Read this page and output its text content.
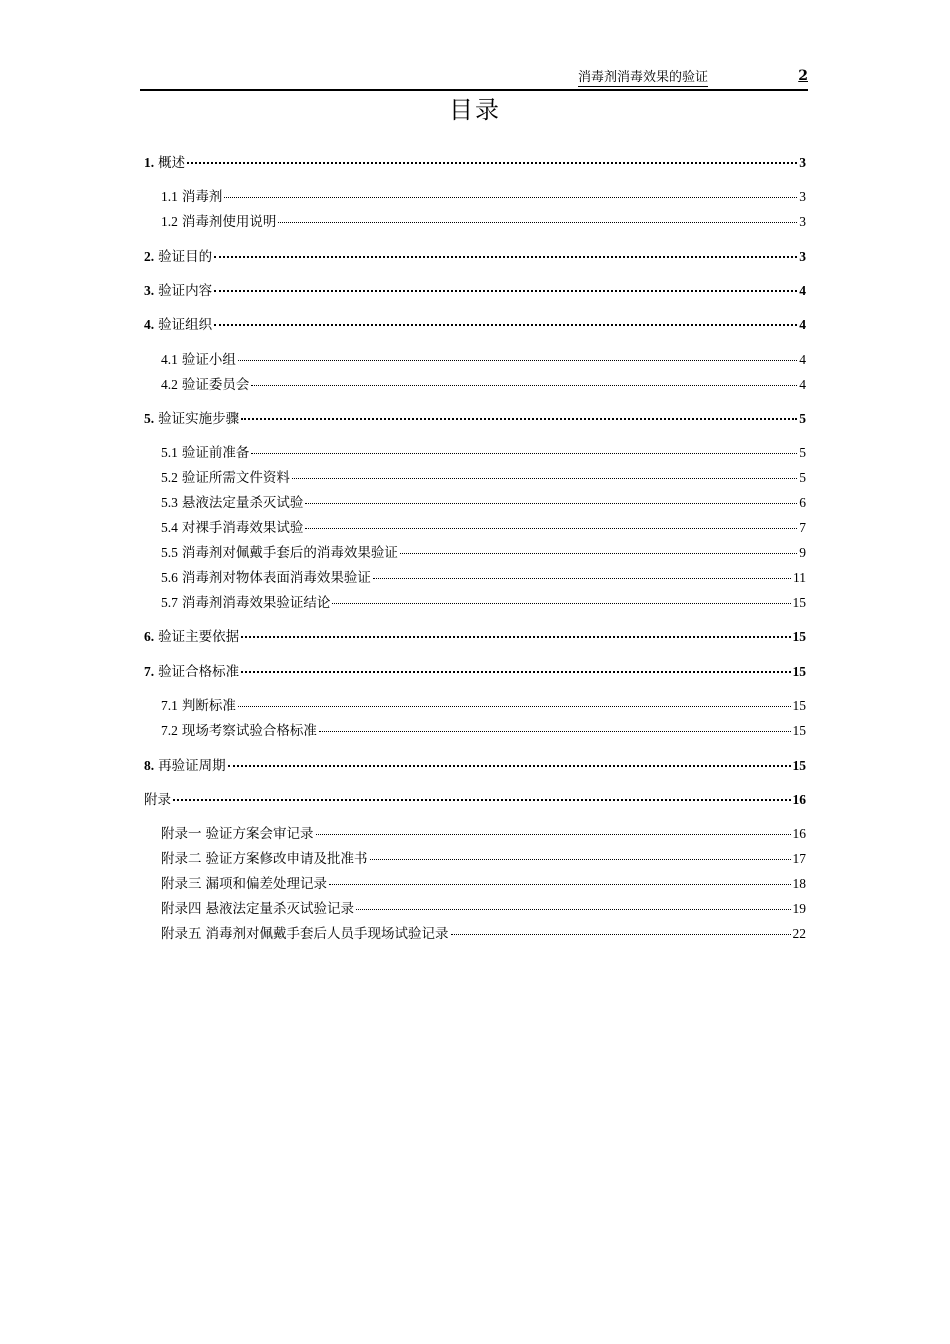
消毒剂消毒效果的验证	2
目录
1. 概述	3
1.1 消毒剂	3
1.2 消毒剂使用说明	3
2. 验证目的	3
3. 验证内容	4
4. 验证组织	4
4.1 验证小组	4
4.2 验证委员会	4
5. 验证实施步骤	5
5.1 验证前准备	5
5.2 验证所需文件资料	5
5.3 悬液法定量杀灭试验	6
5.4 对裸手消毒效果试验	7
5.5 消毒剂对佩戴手套后的消毒效果验证	9
5.6 消毒剂对物体表面消毒效果验证	11
5.7 消毒剂消毒效果验证结论	15
6. 验证主要依据	15
7. 验证合格标准	15
7.1 判断标准	15
7.2 现场考察试验合格标准	15
8. 再验证周期	15
附录	16
附录一 验证方案会审记录	16
附录二 验证方案修改申请及批准书	17
附录三 漏项和偏差处理记录	18
附录四 悬液法定量杀灭试验记录	19
附录五 消毒剂对佩戴手套后人员手现场试验记录	22
